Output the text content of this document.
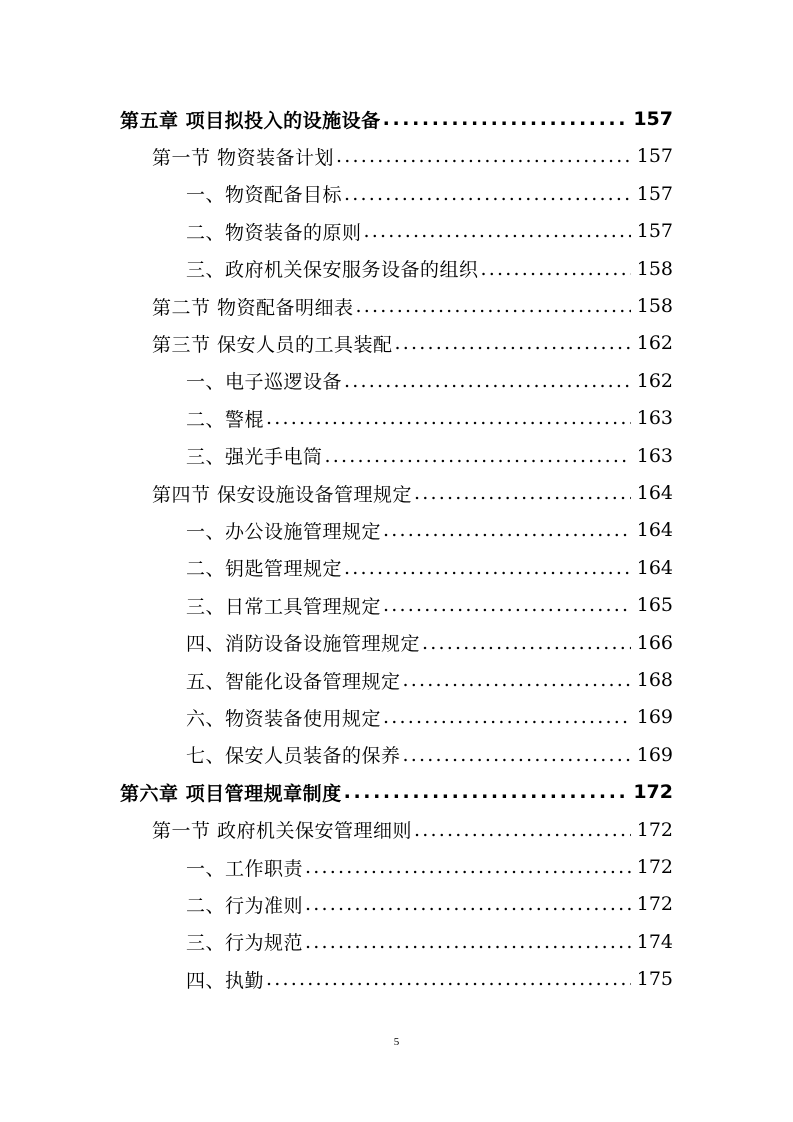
第五章 项目拟投入的设施设备 .....	157
第一节 物资装备计划 .....	157
一、物资配备目标 .....	157
二、物资装备的原则 .....	157
三、政府机关保安服务设备的组织 .....	158
第二节 物资配备明细表 .....	158
第三节 保安人员的工具装配 .....	162
一、电子巡逻设备 .....	162
二、警棍 .....	163
三、强光手电筒 .....	163
第四节 保安设施设备管理规定 .....	164
一、办公设施管理规定 .....	164
二、钥匙管理规定 .....	164
三、日常工具管理规定 .....	165
四、消防设备设施管理规定 .....	166
五、智能化设备管理规定 .....	168
六、物资装备使用规定 .....	169
七、保安人员装备的保养 .....	169
第六章 项目管理规章制度 .....	172
第一节 政府机关保安管理细则 .....	172
一、工作职责 .....	172
二、行为准则 .....	172
三、行为规范 .....	174
四、执勤 .....	175
5
